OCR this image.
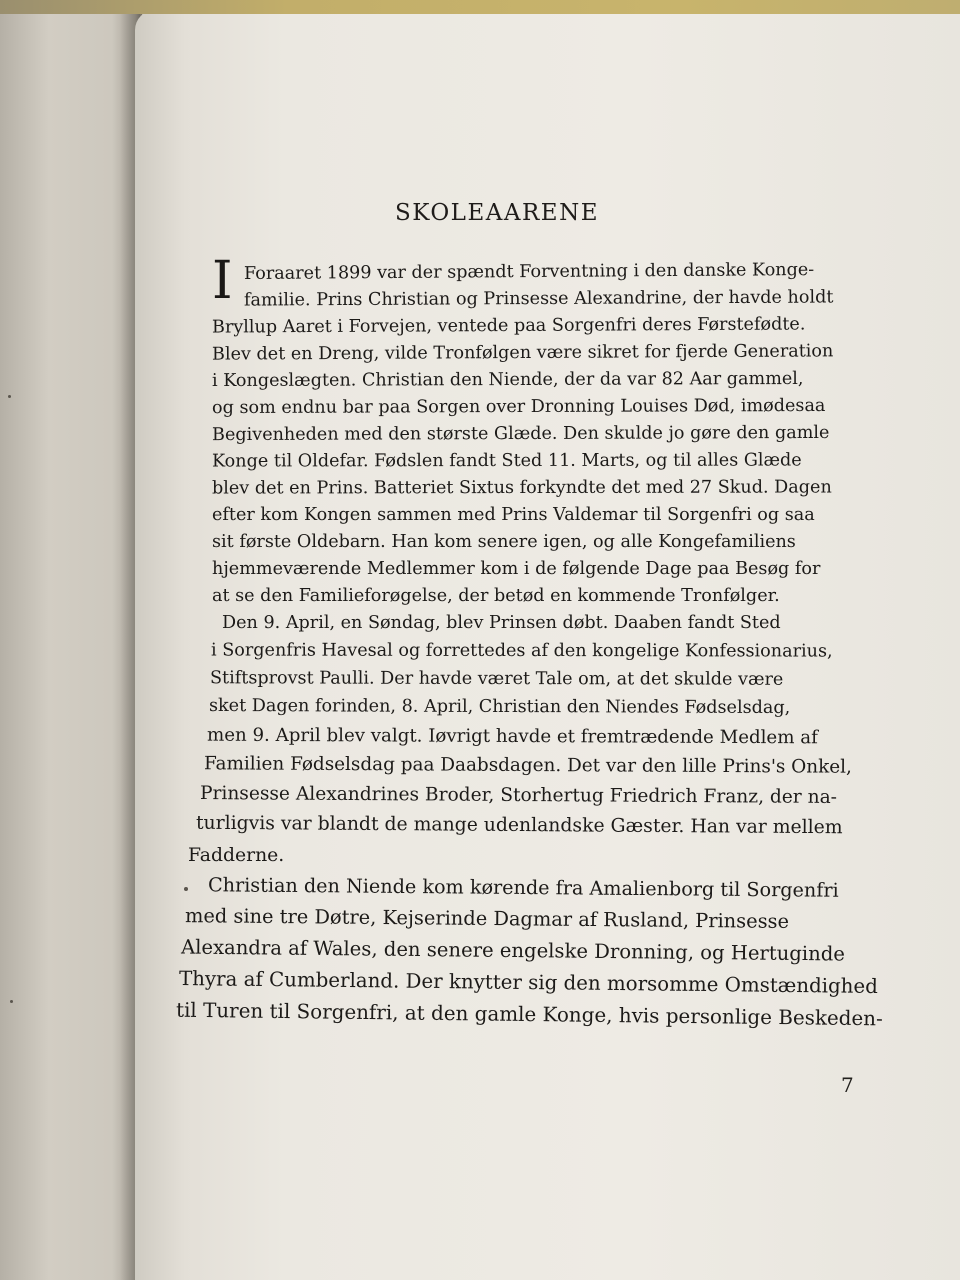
SKOLEAARENE
I Foraaret 1899 var der spændt Forventning i den danske Konge-
familie. Prins Christian og Prinsesse Alexandrine, der havde holdt
Bryllup Aaret i Forvejen, ventede paa Sorgenfri deres Førstefødte.
Blev det en Dreng, vilde Tronfølgen være sikret for fjerde Generation
i Kongeslægten. Christian den Niende, der da var 82 Aar gammel,
og som endnu bar paa Sorgen over Dronning Louises Død, imødesaa
Begivenheden med den største Glæde. Den skulde jo gøre den gamle
Konge til Oldefar. Fødslen fandt Sted 11. Marts, og til alles Glæde
blev det en Prins. Batteriet Sixtus forkyndte det med 27 Skud. Dagen
efter kom Kongen sammen med Prins Valdemar til Sorgenfri og saa
sit første Oldebarn. Han kom senere igen, og alle Kongefamiliens
hjemmeværende Medlemmer kom i de følgende Dage paa Besøg for
at se den Familieforøgelse, der betød en kommende Tronfølger.
Den 9. April, en Søndag, blev Prinsen døbt. Daaben fandt Sted
i Sorgenfris Havesal og forrettedes af den kongelige Konfessionarius,
Stiftsprovst Paulli. Der havde været Tale om, at det skulde være
sket Dagen forinden, 8. April, Christian den Niendes Fødselsdag,
men 9. April blev valgt. Iøvrigt havde et fremtrædende Medlem af
Familien Fødselsdag paa Daabsdagen. Det var den lille Prins's Onkel,
Prinsesse Alexandrines Broder, Storhertug Friedrich Franz, der na-
turligvis var blandt de mange udenlandske Gæster. Han var mellem
Fadderne.
Christian den Niende kom kørende fra Amalienborg til Sorgenfri
med sine tre Døtre, Kejserinde Dagmar af Rusland, Prinsesse
Alexandra af Wales, den senere engelske Dronning, og Hertuginde
Thyra af Cumberland. Der knytter sig den morsomme Omstændighed
til Turen til Sorgenfri, at den gamle Konge, hvis personlige Beskeden-
7
